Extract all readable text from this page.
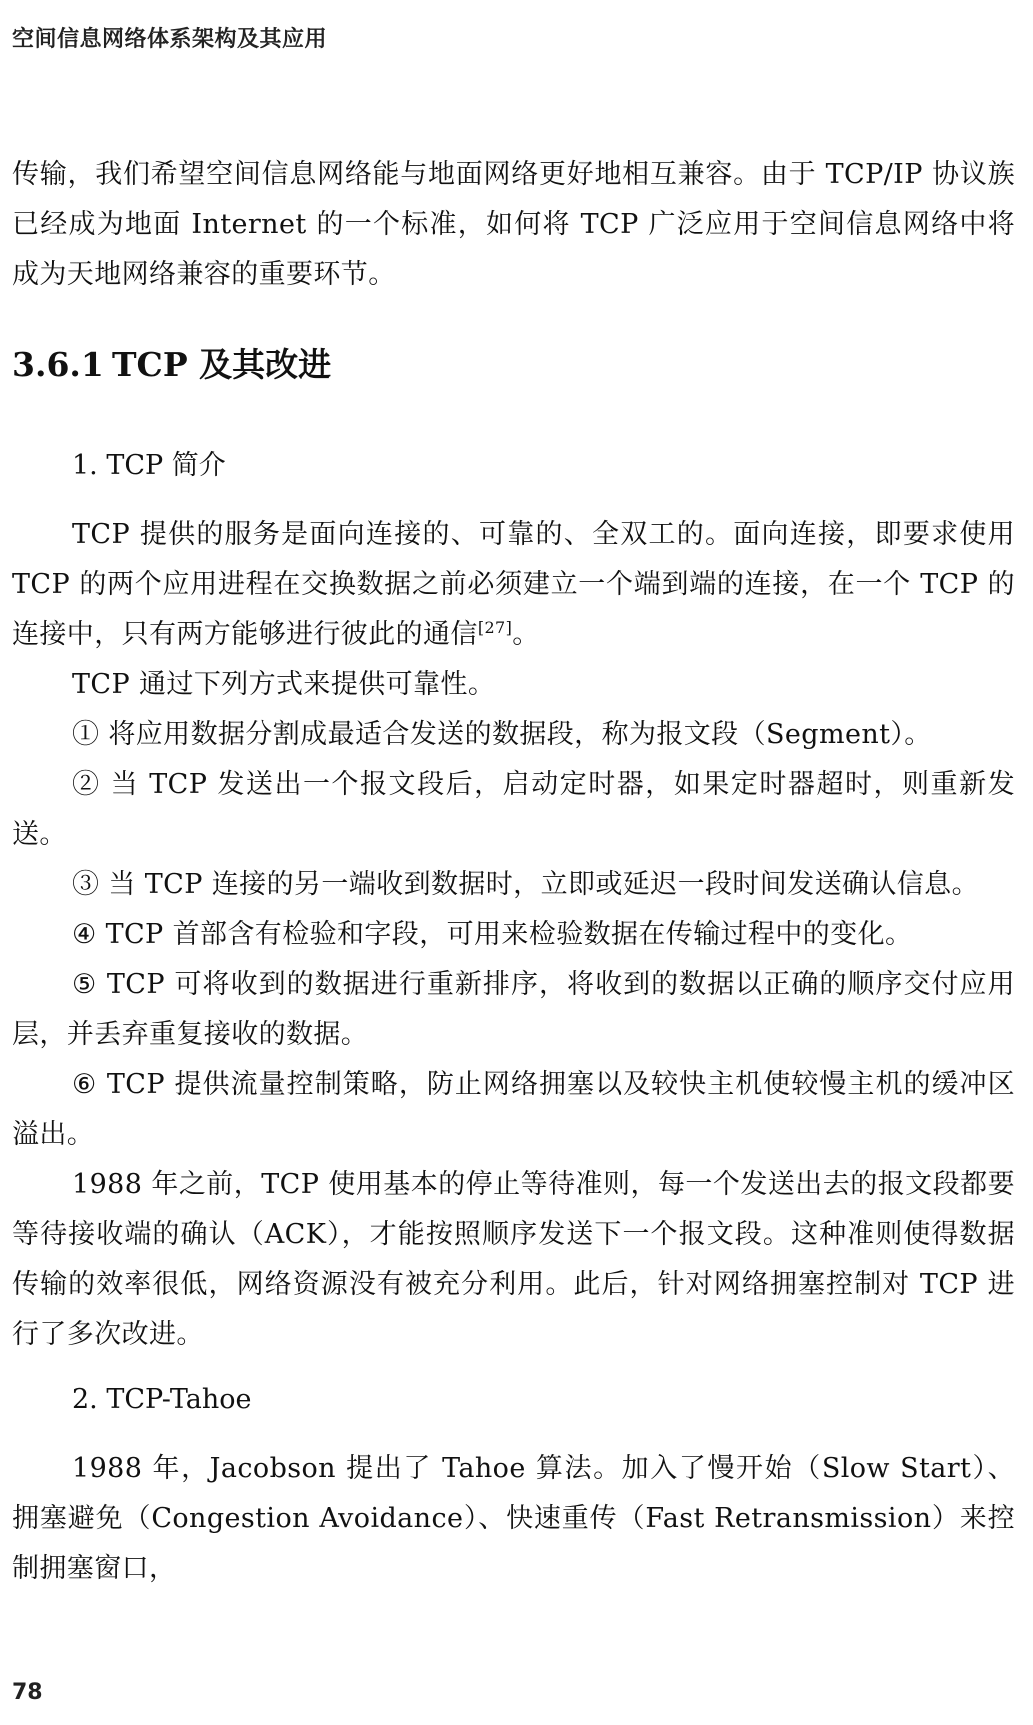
空间信息网络体系架构及其应用

传输，我们希望空间信息网络能与地面网络更好地相互兼容。由于 TCP/IP 协议族已经成为地面 Internet 的一个标准，如何将 TCP 广泛应用于空间信息网络中将成为天地网络兼容的重要环节。

3.6.1 TCP 及其改进
1. TCP 简介

TCP 提供的服务是面向连接的、可靠的、全双工的。面向连接，即要求使用 TCP 的两个应用进程在交换数据之前必须建立一个端到端的连接，在一个 TCP 的连接中，只有两方能够进行彼此的通信[27]。

TCP 通过下列方式来提供可靠性。

① 将应用数据分割成最适合发送的数据段，称为报文段（Segment）。

② 当 TCP 发送出一个报文段后，启动定时器，如果定时器超时，则重新发送。

③ 当 TCP 连接的另一端收到数据时，立即或延迟一段时间发送确认信息。

④ TCP 首部含有检验和字段，可用来检验数据在传输过程中的变化。

⑤ TCP 可将收到的数据进行重新排序，将收到的数据以正确的顺序交付应用层，并丢弃重复接收的数据。

⑥ TCP 提供流量控制策略，防止网络拥塞以及较快主机使较慢主机的缓冲区溢出。

1988 年之前，TCP 使用基本的停止等待准则，每一个发送出去的报文段都要等待接收端的确认（ACK），才能按照顺序发送下一个报文段。这种准则使得数据传输的效率很低，网络资源没有被充分利用。此后，针对网络拥塞控制对 TCP 进行了多次改进。

2. TCP-Tahoe

1988 年，Jacobson 提出了 Tahoe 算法。加入了慢开始（Slow Start）、拥塞避免（Congestion Avoidance）、快速重传（Fast Retransmission）来控制拥塞窗口，

78
